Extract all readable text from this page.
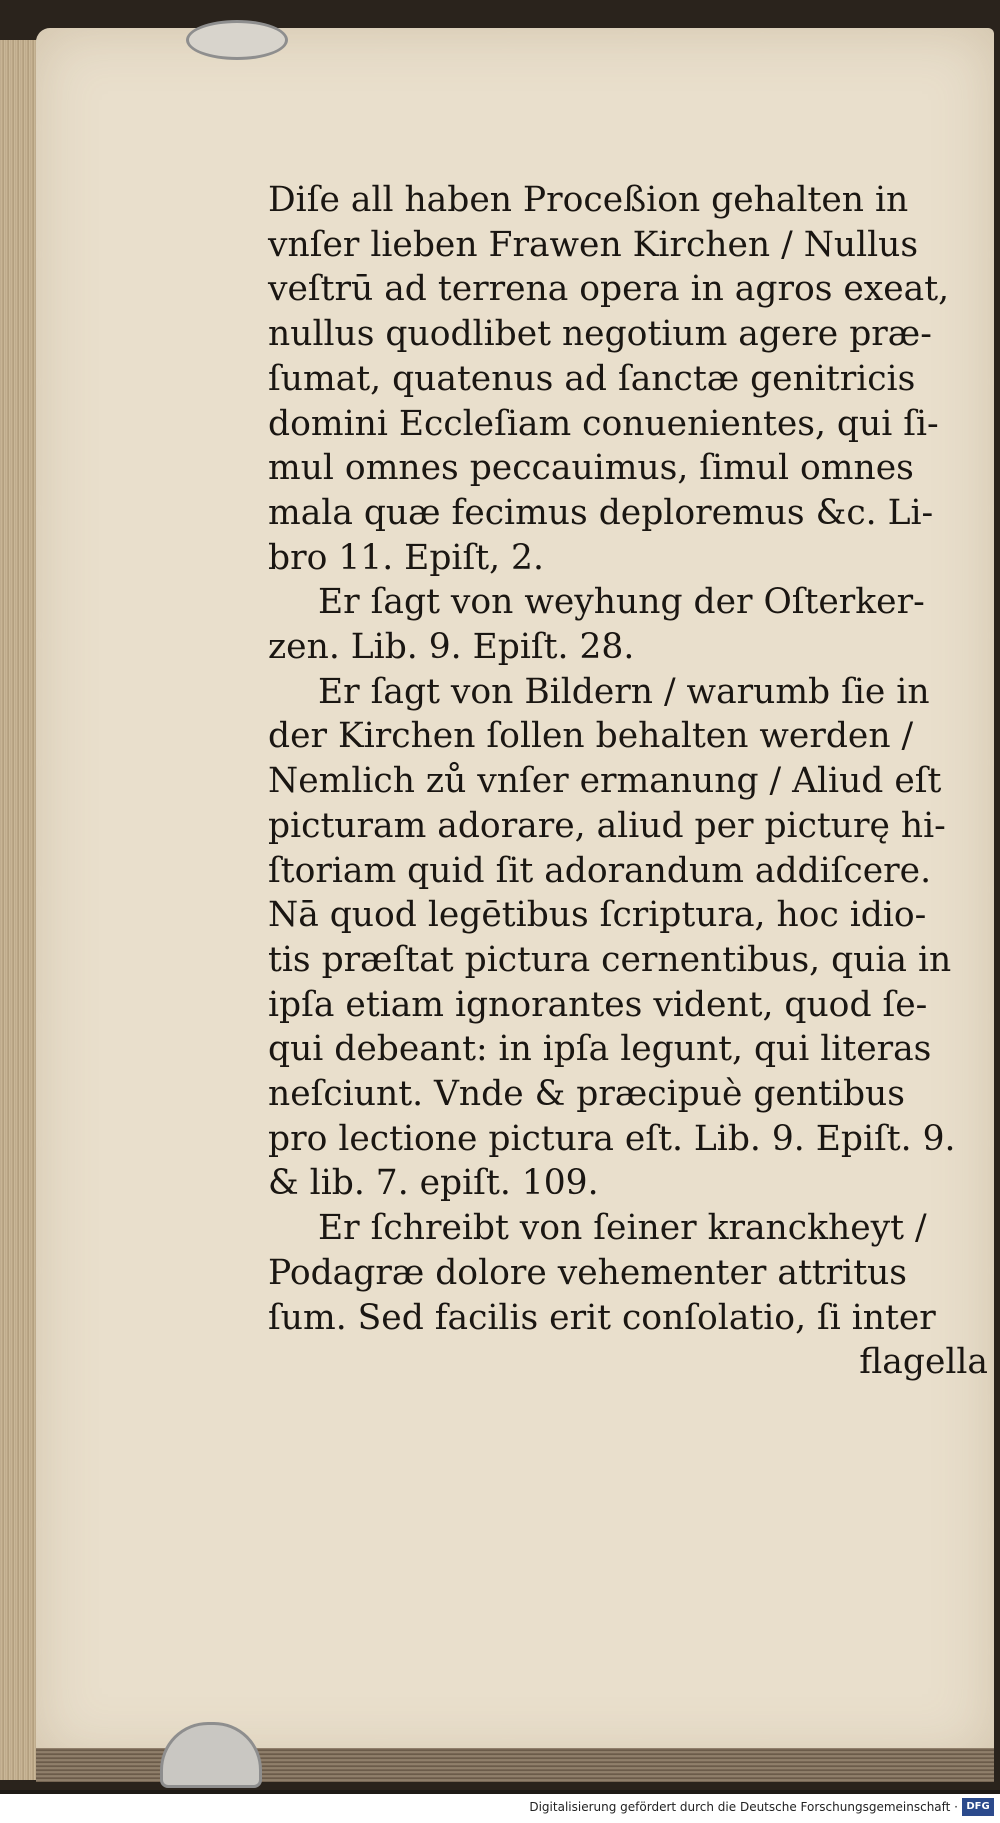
Diſe all haben Proceßion gehalten in
vnſer lieben Frawen Kirchen / Nullus
veſtrū ad terrena opera in agros exeat,
nullus quodlibet negotium agere præ-
ſumat, quatenus ad ſanctæ genitricis
domini Eccleſiam conuenientes, qui ſi-
mul omnes peccauimus, ſimul omnes
mala quæ fecimus deploremus &c. Li-
bro 11. Epiſt, 2.
Er ſagt von weyhung der Oſterker-
zen. Lib. 9. Epiſt. 28.
Er ſagt von Bildern / warumb ſie in
der Kirchen ſollen behalten werden /
Nemlich zů vnſer ermanung / Aliud eſt
picturam adorare, aliud per picturę hi-
ſtoriam quid ſit adorandum addiſcere.
Nā quod legētibus ſcriptura, hoc idio-
tis præſtat pictura cernentibus, quia in
ipſa etiam ignorantes vident, quod ſe-
qui debeant: in ipſa legunt, qui literas
neſciunt. Vnde & præcipuè gentibus
pro lectione pictura eſt. Lib. 9. Epiſt. 9.
& lib. 7. epiſt. 109.
Er ſchreibt von ſeiner kranckheyt /
Podagræ dolore vehementer attritus
ſum. Sed facilis erit conſolatio, ſi inter
flagella
Digitalisierung gefördert durch die Deutsche Forschungsgemeinschaft · DFG
